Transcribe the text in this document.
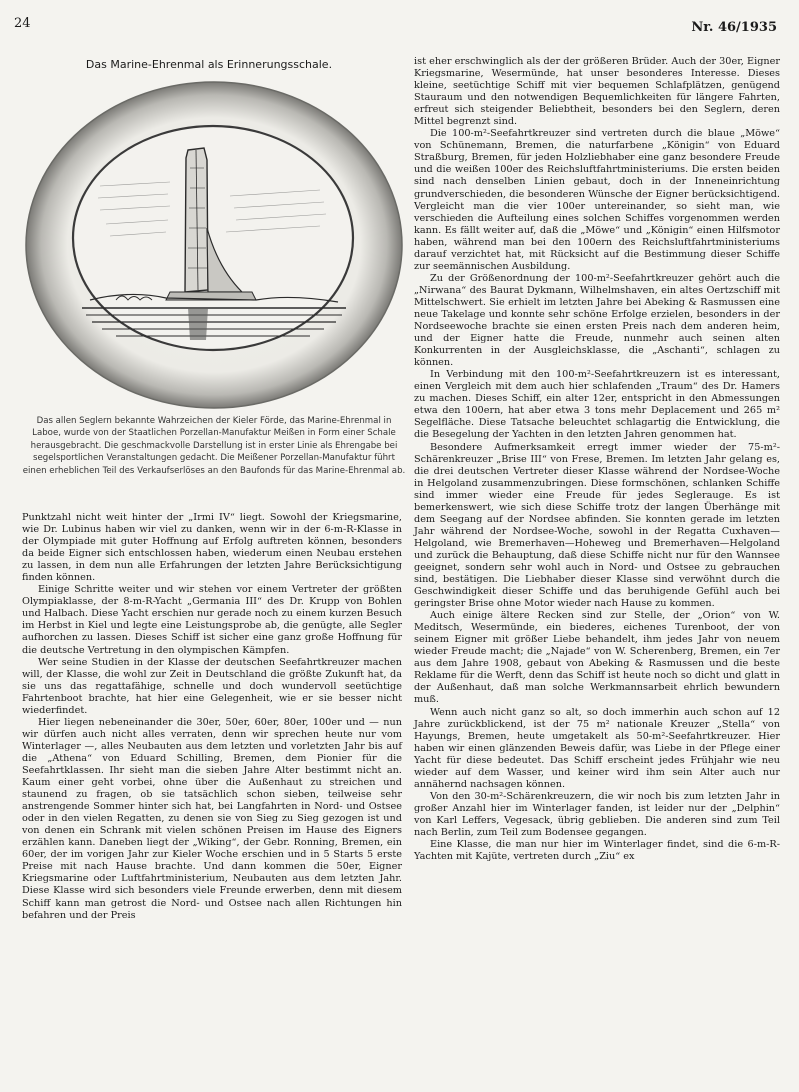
24	Nr. 46/1935
Das Marine-Ehrenmal als Erinnerungsschale.
Das allen Seglern bekannte Wahrzeichen der Kieler Förde, das Marine-Ehrenmal in Laboe, wurde von der Staatlichen Porzellan-Manufaktur Meißen in Form einer Schale herausgebracht. Die geschmackvolle Darstellung ist in erster Linie als Ehrengabe bei segelsportlichen Veranstaltungen gedacht. Die Meißener Porzellan-Manufaktur führt einen erheblichen Teil des Verkaufserlöses an den Baufonds für das Marine-Ehrenmal ab.

Punktzahl nicht weit hinter der „Irmi IV“ liegt. Sowohl der Kriegsmarine, wie Dr. Lubinus haben wir viel zu danken, wenn wir in der 6-m-R-Klasse in der Olympiade mit guter Hoffnung auf Erfolg auftreten können, besonders da beide Eigner sich entschlossen haben, wiederum einen Neubau erstehen zu lassen, in dem nun alle Erfahrungen der letzten Jahre Berücksichtigung finden können.

Einige Schritte weiter und wir stehen vor einem Vertreter der größten Olympiaklasse, der 8-m-R-Yacht „Germania III“ des Dr. Krupp von Bohlen und Halbach. Diese Yacht erschien nur gerade noch zu einem kurzen Besuch im Herbst in Kiel und legte eine Leistungsprobe ab, die genügte, alle Segler aufhorchen zu lassen. Dieses Schiff ist sicher eine ganz große Hoffnung für die deutsche Vertretung in den olympischen Kämpfen.

Wer seine Studien in der Klasse der deutschen Seefahrtkreuzer machen will, der Klasse, die wohl zur Zeit in Deutschland die größte Zukunft hat, da sie uns das regattafähige, schnelle und doch wundervoll seetüchtige Fahrtenboot brachte, hat hier eine Gelegenheit, wie er sie besser nicht wiederfindet.

Hier liegen nebeneinander die 30er, 50er, 60er, 80er, 100er und — nun wir dürfen auch nicht alles verraten, denn wir sprechen heute nur vom Winterlager —, alles Neubauten aus dem letzten und vorletzten Jahr bis auf die „Athena“ von Eduard Schilling, Bremen, dem Pionier für die Seefahrtklassen. Ihr sieht man die sieben Jahre Alter bestimmt nicht an. Kaum einer geht vorbei, ohne über die Außenhaut zu streichen und staunend zu fragen, ob sie tatsächlich schon sieben, teilweise sehr anstrengende Sommer hinter sich hat, bei Langfahrten in Nord- und Ostsee oder in den vielen Regatten, zu denen sie von Sieg zu Sieg gezogen ist und von denen ein Schrank mit vielen schönen Preisen im Hause des Eigners erzählen kann. Daneben liegt der „Wiking“, der Gebr. Ronning, Bremen, ein 60er, der im vorigen Jahr zur Kieler Woche erschien und in 5 Starts 5 erste Preise mit nach Hause brachte. Und dann kommen die 50er, Eigner Kriegsmarine oder Luftfahrtministerium, Neubauten aus dem letzten Jahr. Diese Klasse wird sich besonders viele Freunde erwerben, denn mit diesem Schiff kann man getrost die Nord- und Ostsee nach allen Richtungen hin befahren und der Preis

ist eher erschwinglich als der der größeren Brüder. Auch der 30er, Eigner Kriegsmarine, Wesermünde, hat unser besonderes Interesse. Dieses kleine, seetüchtige Schiff mit vier bequemen Schlafplätzen, genügend Stauraum und den notwendigen Bequemlichkeiten für längere Fahrten, erfreut sich steigender Beliebtheit, besonders bei den Seglern, deren Mittel begrenzt sind.

Die 100-m²-Seefahrtkreuzer sind vertreten durch die blaue „Möwe“ von Schünemann, Bremen, die naturfarbene „Königin“ von Eduard Straßburg, Bremen, für jeden Holzliebhaber eine ganz besondere Freude und die weißen 100er des Reichsluftfahrtministeriums. Die ersten beiden sind nach denselben Linien gebaut, doch in der Inneneinrichtung grundverschieden, die besonderen Wünsche der Eigner berücksichtigend. Vergleicht man die vier 100er untereinander, so sieht man, wie verschieden die Aufteilung eines solchen Schiffes vorgenommen werden kann. Es fällt weiter auf, daß die „Möwe“ und „Königin“ einen Hilfsmotor haben, während man bei den 100ern des Reichsluftfahrtministeriums darauf verzichtet hat, mit Rücksicht auf die Bestimmung dieser Schiffe zur seemännischen Ausbildung.

Zu der Größenordnung der 100-m²-Seefahrtkreuzer gehört auch die „Nirwana“ des Baurat Dykmann, Wilhelmshaven, ein altes Oertzschiff mit Mittelschwert. Sie erhielt im letzten Jahre bei Abeking & Rasmussen eine neue Takelage und konnte sehr schöne Erfolge erzielen, besonders in der Nordseewoche brachte sie einen ersten Preis nach dem anderen heim, und der Eigner hatte die Freude, nunmehr auch seinen alten Konkurrenten in der Ausgleichsklasse, die „Aschanti“, schlagen zu können.

In Verbindung mit den 100-m²-Seefahrtkreuzern ist es interessant, einen Vergleich mit dem auch hier schlafenden „Traum“ des Dr. Hamers zu machen. Dieses Schiff, ein alter 12er, entspricht in den Abmessungen etwa den 100ern, hat aber etwa 3 tons mehr Deplacement und 265 m² Segelfläche. Diese Tatsache beleuchtet schlagartig die Entwicklung, die die Besegelung der Yachten in den letzten Jahren genommen hat.

Besondere Aufmerksamkeit erregt immer wieder der 75-m²-Schärenkreuzer „Brise III“ von Frese, Bremen. Im letzten Jahr gelang es, die drei deutschen Vertreter dieser Klasse während der Nordsee-Woche in Helgoland zusammenzubringen. Diese formschönen, schlanken Schiffe sind immer wieder eine Freude für jedes Seglerauge. Es ist bemerkenswert, wie sich diese Schiffe trotz der langen Überhänge mit dem Seegang auf der Nordsee abfinden. Sie konnten gerade im letzten Jahr während der Nordsee-Woche, sowohl in der Regatta Cuxhaven—Helgoland, wie Bremerhaven—Hoheweg und Bremerhaven—Helgoland und zurück die Behauptung, daß diese Schiffe nicht nur für den Wannsee geeignet, sondern sehr wohl auch in Nord- und Ostsee zu gebrauchen sind, bestätigen. Die Liebhaber dieser Klasse sind verwöhnt durch die Geschwindigkeit dieser Schiffe und das beruhigende Gefühl auch bei geringster Brise ohne Motor wieder nach Hause zu kommen.

Auch einige ältere Recken sind zur Stelle, der „Orion“ von W. Meditsch, Wesermünde, ein biederes, eichenes Turenboot, der von seinem Eigner mit größer Liebe behandelt, ihm jedes Jahr von neuem wieder Freude macht; die „Najade“ von W. Scherenberg, Bremen, ein 7er aus dem Jahre 1908, gebaut von Abeking & Rasmussen und die beste Reklame für die Werft, denn das Schiff ist heute noch so dicht und glatt in der Außenhaut, daß man solche Werkmannsarbeit ehrlich bewundern muß.

Wenn auch nicht ganz so alt, so doch immerhin auch schon auf 12 Jahre zurückblickend, ist der 75 m² nationale Kreuzer „Stella“ von Hayungs, Bremen, heute umgetakelt als 50-m²-Seefahrtkreuzer. Hier haben wir einen glänzenden Beweis dafür, was Liebe in der Pflege einer Yacht für diese bedeutet. Das Schiff erscheint jedes Frühjahr wie neu wieder auf dem Wasser, und keiner wird ihm sein Alter auch nur annähernd nachsagen können.

Von den 30-m²-Schärenkreuzern, die wir noch bis zum letzten Jahr in großer Anzahl hier im Winterlager fanden, ist leider nur der „Delphin“ von Karl Leffers, Vegesack, übrig geblieben. Die anderen sind zum Teil nach Berlin, zum Teil zum Bodensee gegangen.

Eine Klasse, die man nur hier im Winterlager findet, sind die 6-m-R-Yachten mit Kajüte, vertreten durch „Ziu“ ex
